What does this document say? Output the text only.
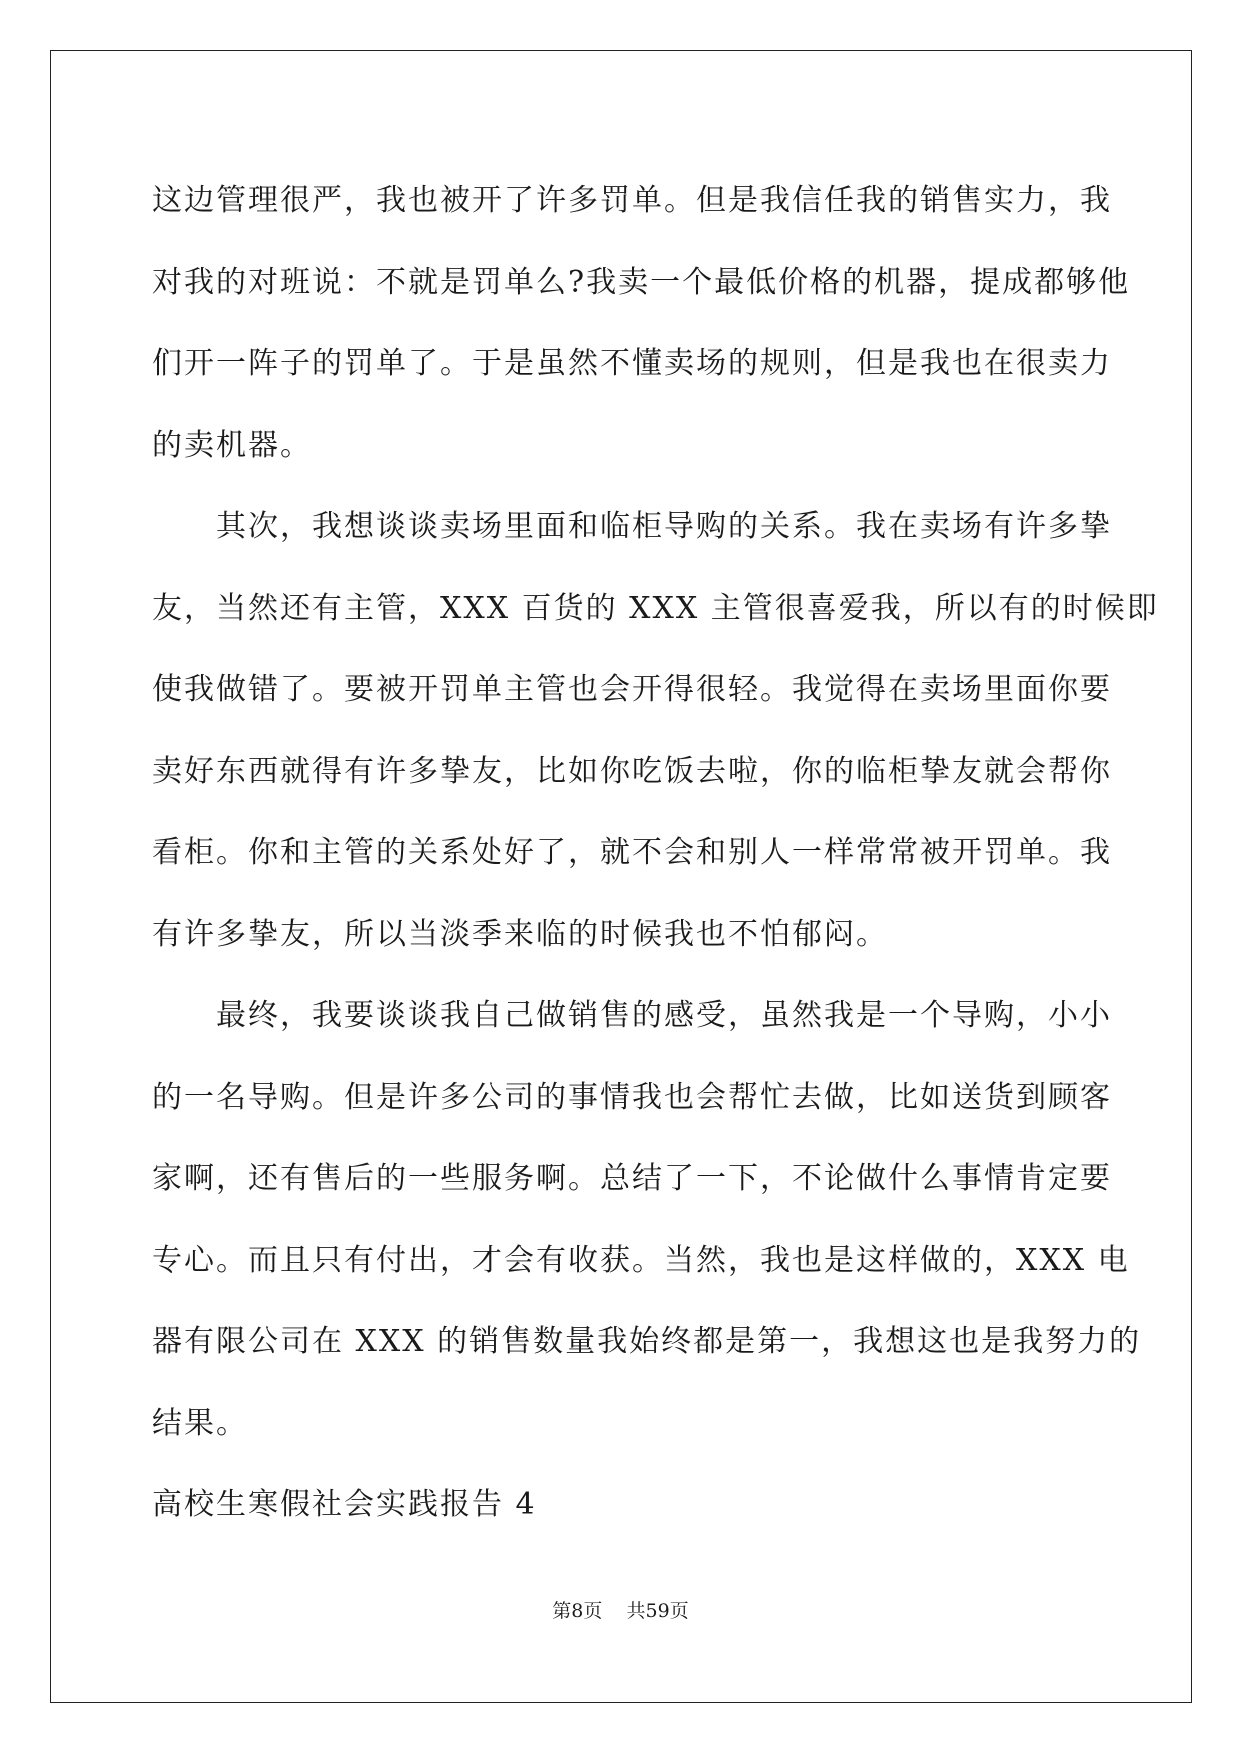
这边管理很严，我也被开了许多罚单。但是我信任我的销售实力，我
对我的对班说：不就是罚单么?我卖一个最低价格的机器，提成都够他
们开一阵子的罚单了。于是虽然不懂卖场的规则，但是我也在很卖力
的卖机器。
其次，我想谈谈卖场里面和临柜导购的关系。我在卖场有许多挚
友，当然还有主管，XXX 百货的 XXX 主管很喜爱我，所以有的时候即
使我做错了。要被开罚单主管也会开得很轻。我觉得在卖场里面你要
卖好东西就得有许多挚友，比如你吃饭去啦，你的临柜挚友就会帮你
看柜。你和主管的关系处好了，就不会和别人一样常常被开罚单。我
有许多挚友，所以当淡季来临的时候我也不怕郁闷。
最终，我要谈谈我自己做销售的感受，虽然我是一个导购，小小
的一名导购。但是许多公司的事情我也会帮忙去做，比如送货到顾客
家啊，还有售后的一些服务啊。总结了一下，不论做什么事情肯定要
专心。而且只有付出，才会有收获。当然，我也是这样做的，XXX 电
器有限公司在 XXX 的销售数量我始终都是第一，我想这也是我努力的
结果。
高校生寒假社会实践报告 4
第8页 共59页
